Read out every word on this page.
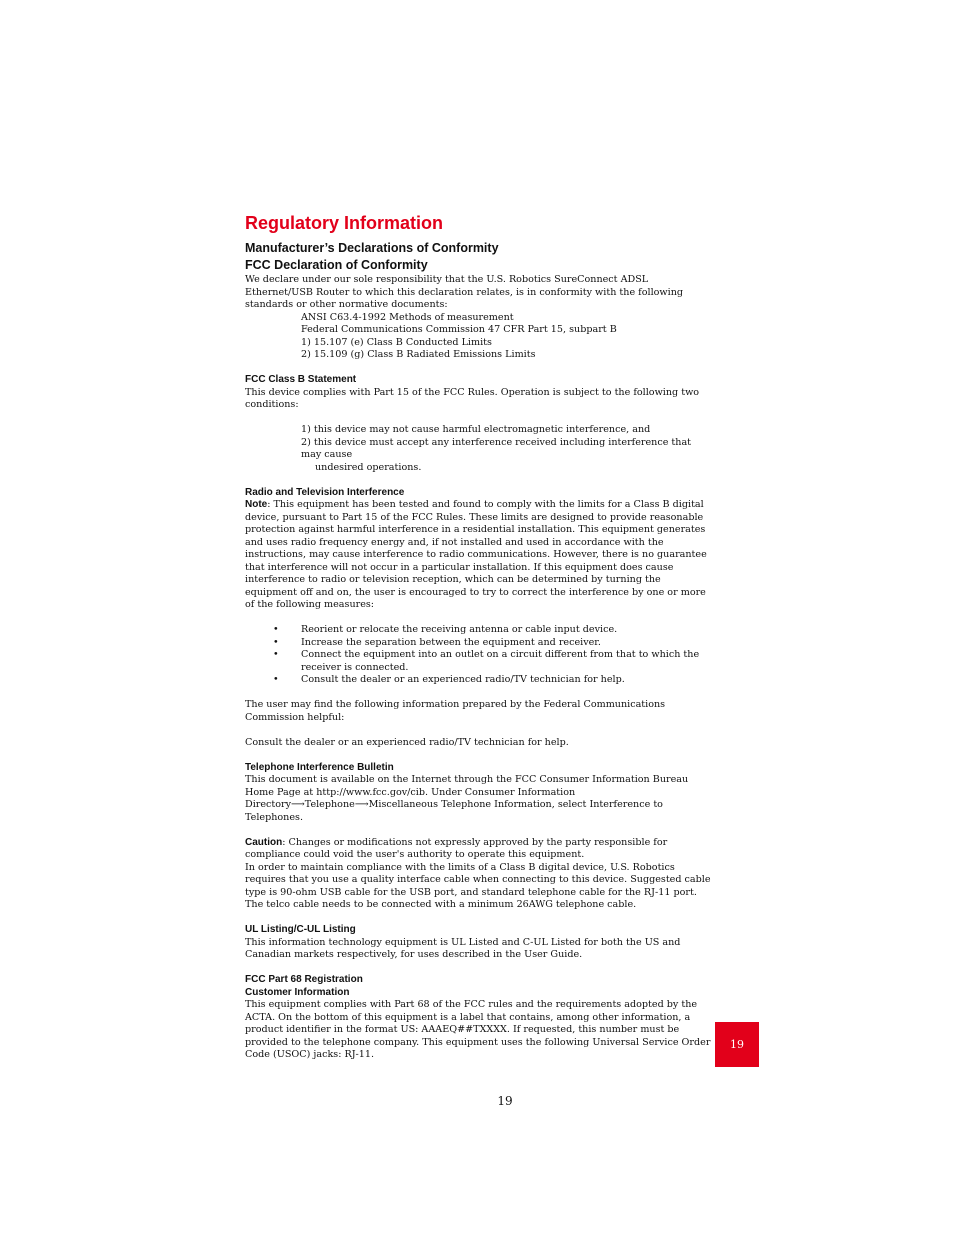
Regulatory Information
Manufacturer’s Declarations of Conformity
FCC Declaration of Conformity

We declare under our sole responsibility that the U.S. Robotics SureConnect ADSL Ethernet/USB Router to which this declaration relates, is in conformity with the following standards or other normative documents:

ANSI C63.4-1992 Methods of measurement

Federal Communications Commission 47 CFR Part 15, subpart B

1) 15.107 (e) Class B Conducted Limits

2) 15.109 (g) Class B Radiated Emissions Limits

FCC Class B Statement

This device complies with Part 15 of the FCC Rules. Operation is subject to the following two conditions:

1) this device may not cause harmful electromagnetic interference, and

2) this device must accept any interference received including interference that may cause

undesired operations.

Radio and Television Interference

Note: This equipment has been tested and found to comply with the limits for a Class B digital device, pursuant to Part 15 of the FCC Rules. These limits are designed to provide reasonable protection against harmful interference in a residential installation. This equipment generates and uses radio frequency energy and, if not installed and used in accordance with the instructions, may cause interference to radio communications. However, there is no guarantee that interference will not occur in a particular installation. If this equipment does cause interference to radio or television reception, which can be determined by turning the equipment off and on, the user is encouraged to try to correct the interference by one or more of the following measures:

• Reorient or relocate the receiving antenna or cable input device.
• Increase the separation between the equipment and receiver.
• Connect the equipment into an outlet on a circuit different from that to which the receiver is connected.
• Consult the dealer or an experienced radio/TV technician for help.

The user may find the following information prepared by the Federal Communications Commission helpful:

Consult the dealer or an experienced radio/TV technician for help.

Telephone Interference Bulletin

This document is available on the Internet through the FCC Consumer Information Bureau Home Page at http://www.fcc.gov/cib. Under Consumer Information Directory⟶Telephone⟶Miscellaneous Telephone Information, select Interference to Telephones.

Caution: Changes or modifications not expressly approved by the party responsible for compliance could void the user's authority to operate this equipment.

In order to maintain compliance with the limits of a Class B digital device, U.S. Robotics requires that you use a quality interface cable when connecting to this device. Suggested cable type is 90-ohm USB cable for the USB port, and standard telephone cable for the RJ-11 port. The telco cable needs to be connected with a minimum 26AWG telephone cable.

UL Listing/C-UL Listing

This information technology equipment is UL Listed and C-UL Listed for both the US and Canadian markets respectively, for uses described in the User Guide.

FCC Part 68 Registration
Customer Information

This equipment complies with Part 68 of the FCC rules and the requirements adopted by the ACTA. On the bottom of this equipment is a label that contains, among other information, a product identifier in the format US: AAAEQ##TXXXX. If requested, this number must be provided to the telephone company. This equipment uses the following Universal Service Order Code (USOC) jacks: RJ-11.

19
19
